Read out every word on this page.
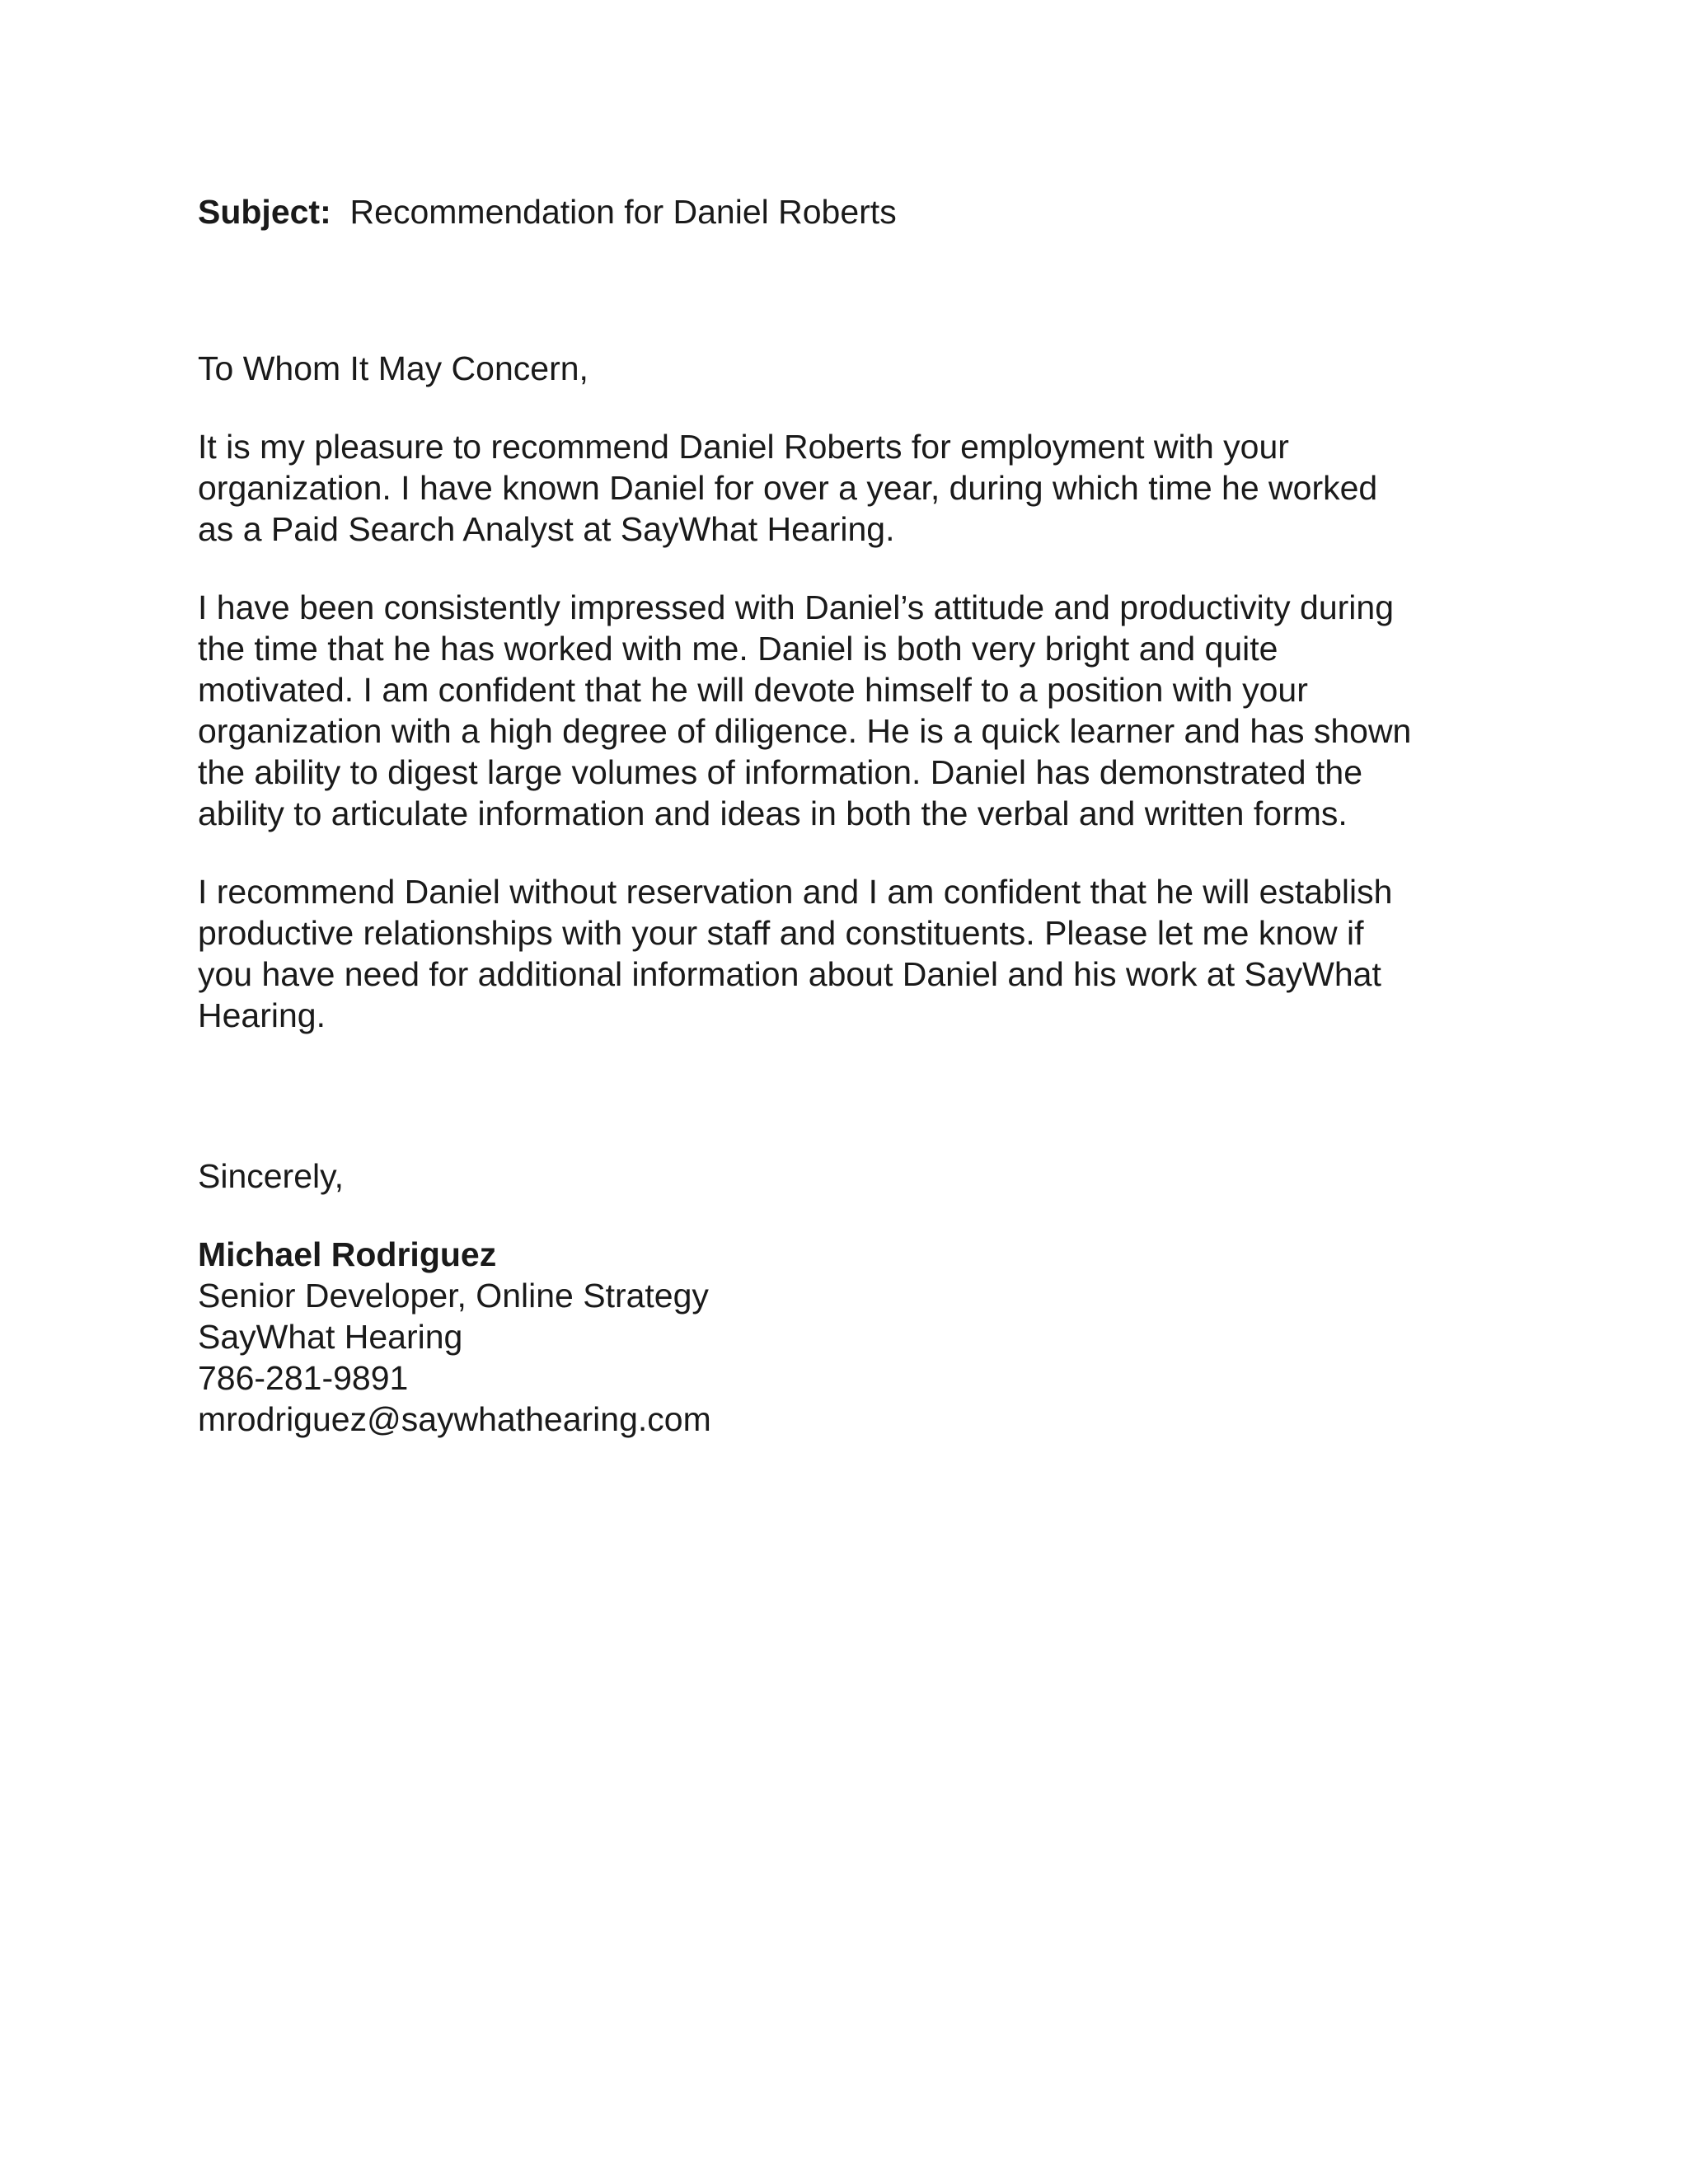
Subject: Recommendation for Daniel Roberts

To Whom It May Concern,

It is my pleasure to recommend Daniel Roberts for employment with your
organization. I have known Daniel for over a year, during which time he worked
as a Paid Search Analyst at SayWhat Hearing.

I have been consistently impressed with Daniel’s attitude and productivity during
the time that he has worked with me. Daniel is both very bright and quite
motivated. I am confident that he will devote himself to a position with your
organization with a high degree of diligence. He is a quick learner and has shown
the ability to digest large volumes of information. Daniel has demonstrated the
ability to articulate information and ideas in both the verbal and written forms.

I recommend Daniel without reservation and I am confident that he will establish
productive relationships with your staff and constituents. Please let me know if
you have need for additional information about Daniel and his work at SayWhat
Hearing.

Sincerely,

Michael Rodriguez

Senior Developer, Online Strategy

SayWhat Hearing

786-281-9891

mrodriguez@saywhathearing.com
